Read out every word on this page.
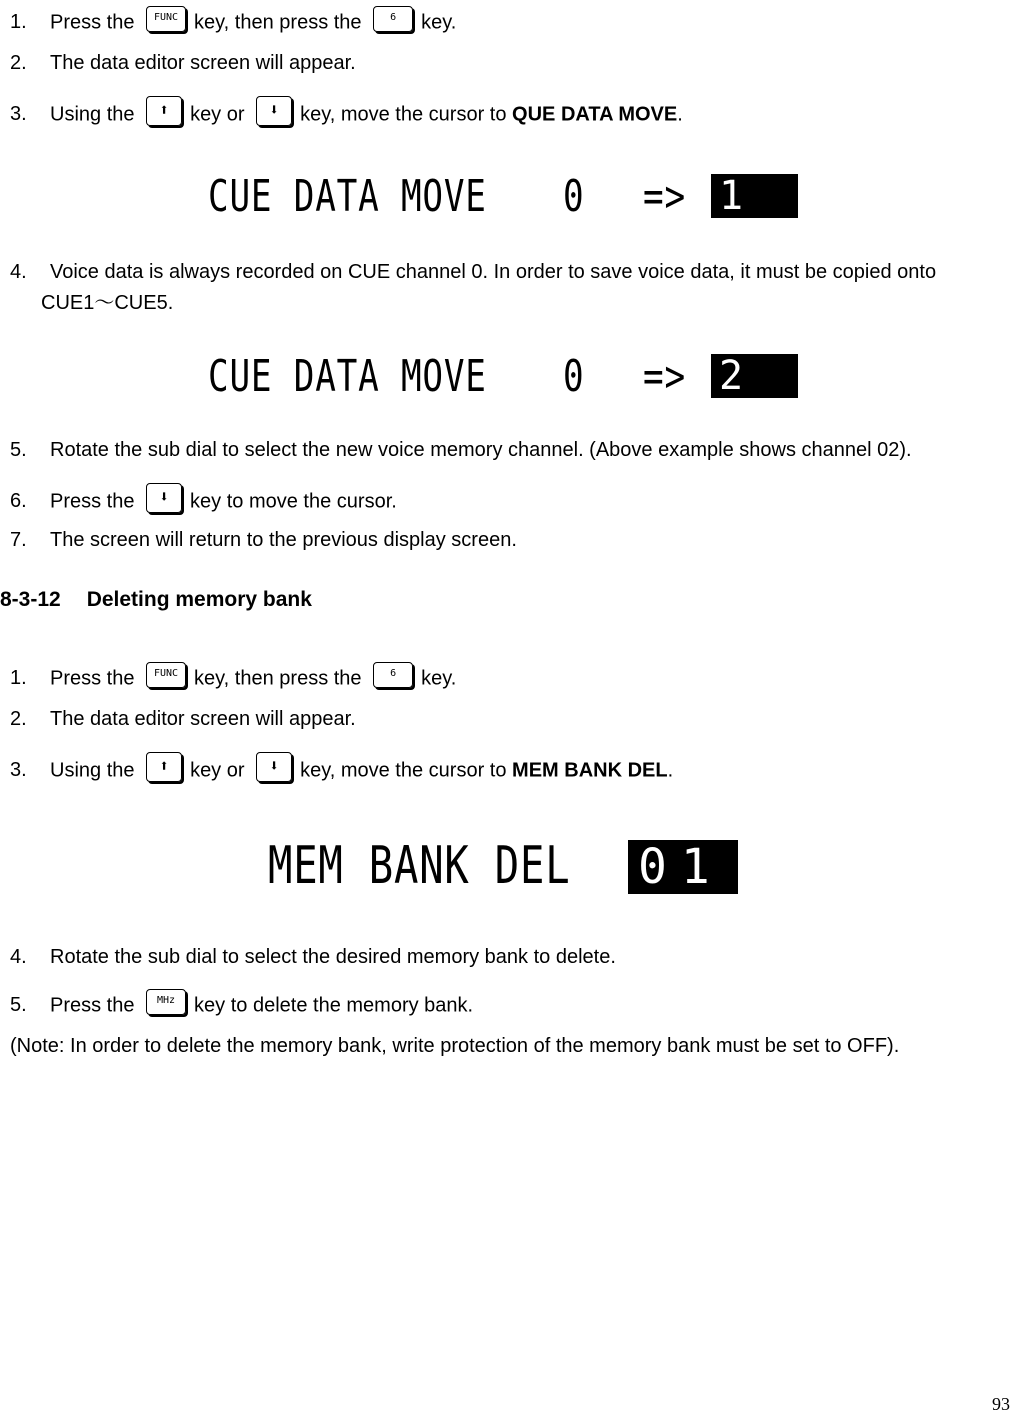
1. Press the FUNC key, then press the	6 key.
2. The data editor screen will appear.
3. Using the ⬆ key or ⬇ key, move the cursor to QUE DATA MOVE.
CUE DATA MOVE 0 => 1
4. Voice data is always recorded on CUE channel 0. In order to save voice data, it must be copied onto
CUE1～CUE5.
CUE DATA MOVE 0 => 2
5. Rotate the sub dial to select the new voice memory channel. (Above example shows channel 02).
6. Press the ⬇ key to move the cursor.
7. The screen will return to the previous display screen.
8-3-12 Deleting memory bank
1. Press the FUNC key, then press the	6 key.
2. The data editor screen will appear.
3. Using the ⬆ key or ⬇ key, move the cursor to MEM BANK DEL.
MEM BANK DEL 01
4. Rotate the sub dial to select the desired memory bank to delete.
5. Press the MHz key to delete the memory bank.
(Note: In order to delete the memory bank, write protection of the memory bank must be set to OFF).
93
